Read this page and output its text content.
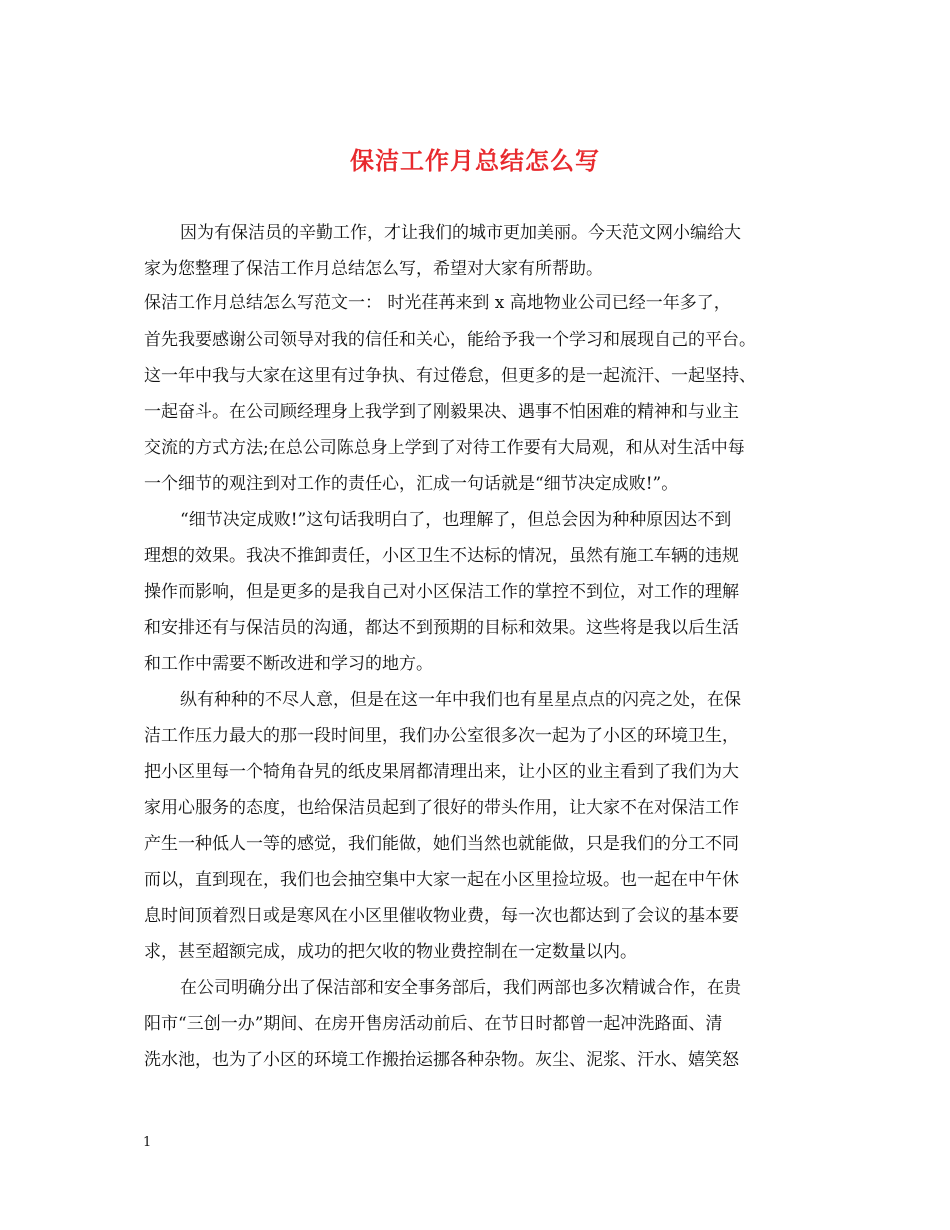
保洁工作月总结怎么写
因为有保洁员的辛勤工作，才让我们的城市更加美丽。今天范文网小编给大
家为您整理了保洁工作月总结怎么写，希望对大家有所帮助。
保洁工作月总结怎么写范文一： 时光荏苒来到 x 高地物业公司已经一年多了，
首先我要感谢公司领导对我的信任和关心，能给予我一个学习和展现自己的平台。
这一年中我与大家在这里有过争执、有过倦怠，但更多的是一起流汗、一起坚持、
一起奋斗。在公司顾经理身上我学到了刚毅果决、遇事不怕困难的精神和与业主
交流的方式方法;在总公司陈总身上学到了对待工作要有大局观，和从对生活中每
一个细节的观注到对工作的责任心，汇成一句话就是“细节决定成败!”。
“细节决定成败!”这句话我明白了，也理解了，但总会因为种种原因达不到
理想的效果。我决不推卸责任，小区卫生不达标的情况，虽然有施工车辆的违规
操作而影响，但是更多的是我自己对小区保洁工作的掌控不到位，对工作的理解
和安排还有与保洁员的沟通，都达不到预期的目标和效果。这些将是我以后生活
和工作中需要不断改进和学习的地方。
纵有种种的不尽人意，但是在这一年中我们也有星星点点的闪亮之处，在保
洁工作压力最大的那一段时间里，我们办公室很多次一起为了小区的环境卫生，
把小区里每一个犄角旮旯的纸皮果屑都清理出来，让小区的业主看到了我们为大
家用心服务的态度，也给保洁员起到了很好的带头作用，让大家不在对保洁工作
产生一种低人一等的感觉，我们能做，她们当然也就能做，只是我们的分工不同
而以，直到现在，我们也会抽空集中大家一起在小区里捡垃圾。也一起在中午休
息时间顶着烈日或是寒风在小区里催收物业费，每一次也都达到了会议的基本要
求，甚至超额完成，成功的把欠收的物业费控制在一定数量以内。
在公司明确分出了保洁部和安全事务部后，我们两部也多次精诚合作，在贵
阳市“三创一办”期间、在房开售房活动前后、在节日时都曾一起冲洗路面、清
洗水池，也为了小区的环境工作搬抬运挪各种杂物。灰尘、泥浆、汗水、嬉笑怒
1
